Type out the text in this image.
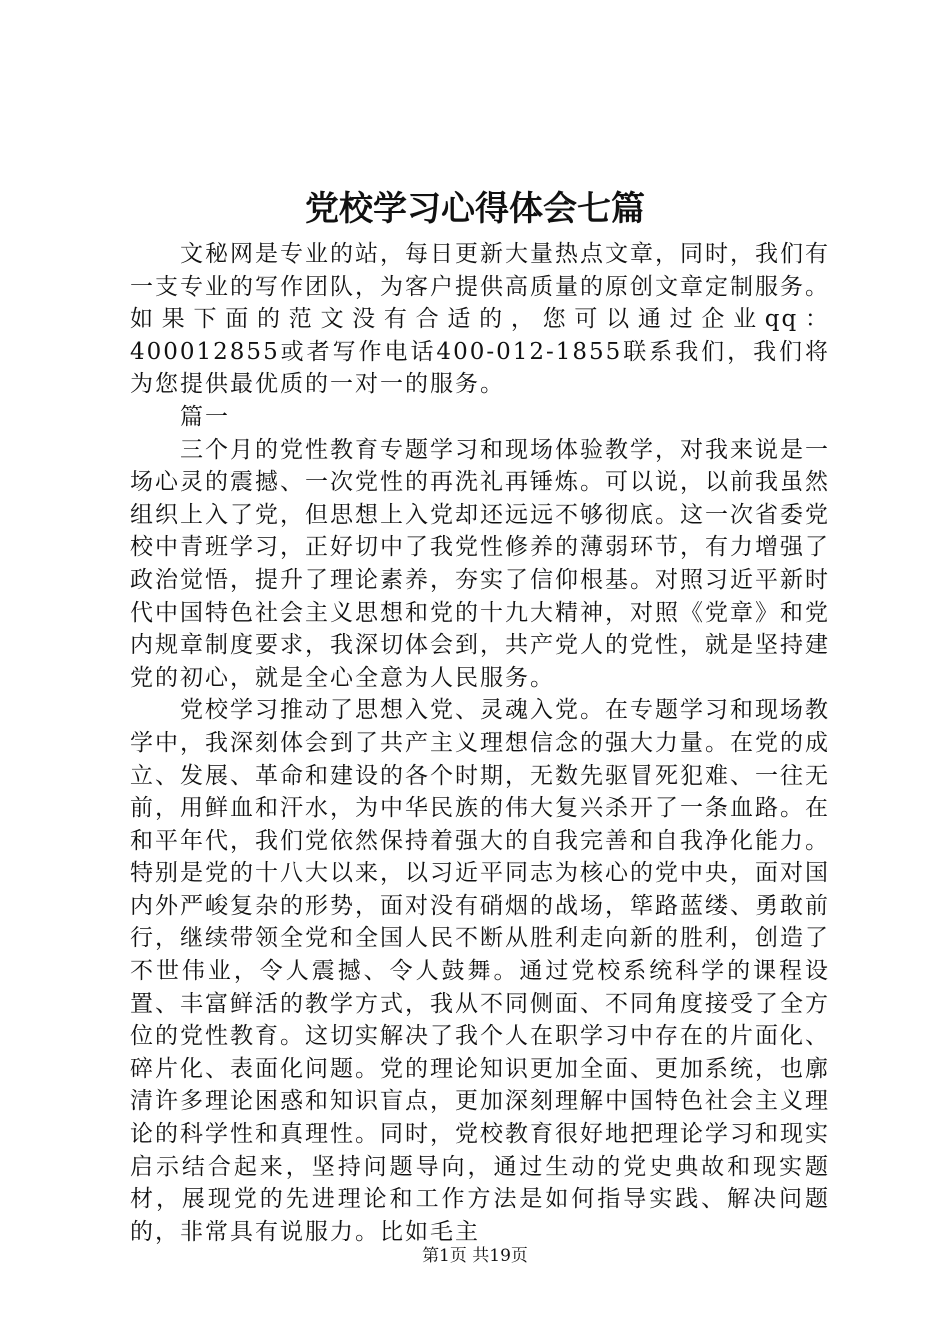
党校学习心得体会七篇

文秘网是专业的站，每日更新大量热点文章，同时，我们有一支专业的写作团队，为客户提供高质量的原创文章定制服务。如果下面的范文没有合适的，您可以通过企业qq：400012855或者写作电话400-012-1855联系我们，我们将为您提供最优质的一对一的服务。

篇一

三个月的党性教育专题学习和现场体验教学，对我来说是一场心灵的震撼、一次党性的再洗礼再锤炼。可以说，以前我虽然组织上入了党，但思想上入党却还远远不够彻底。这一次省委党校中青班学习，正好切中了我党性修养的薄弱环节，有力增强了政治觉悟，提升了理论素养，夯实了信仰根基。对照习近平新时代中国特色社会主义思想和党的十九大精神，对照《党章》和党内规章制度要求，我深切体会到，共产党人的党性，就是坚持建党的初心，就是全心全意为人民服务。

党校学习推动了思想入党、灵魂入党。在专题学习和现场教学中，我深刻体会到了共产主义理想信念的强大力量。在党的成立、发展、革命和建设的各个时期，无数先驱冒死犯难、一往无前，用鲜血和汗水，为中华民族的伟大复兴杀开了一条血路。在和平年代，我们党依然保持着强大的自我完善和自我净化能力。特别是党的十八大以来，以习近平同志为核心的党中央，面对国内外严峻复杂的形势，面对没有硝烟的战场，筚路蓝缕、勇敢前行，继续带领全党和全国人民不断从胜利走向新的胜利，创造了不世伟业，令人震撼、令人鼓舞。通过党校系统科学的课程设置、丰富鲜活的教学方式，我从不同侧面、不同角度接受了全方位的党性教育。这切实解决了我个人在职学习中存在的片面化、碎片化、表面化问题。党的理论知识更加全面、更加系统，也廓清许多理论困惑和知识盲点，更加深刻理解中国特色社会主义理论的科学性和真理性。同时，党校教育很好地把理论学习和现实启示结合起来，坚持问题导向，通过生动的党史典故和现实题材，展现党的先进理论和工作方法是如何指导实践、解决问题的，非常具有说服力。比如毛主

第1页 共19页
